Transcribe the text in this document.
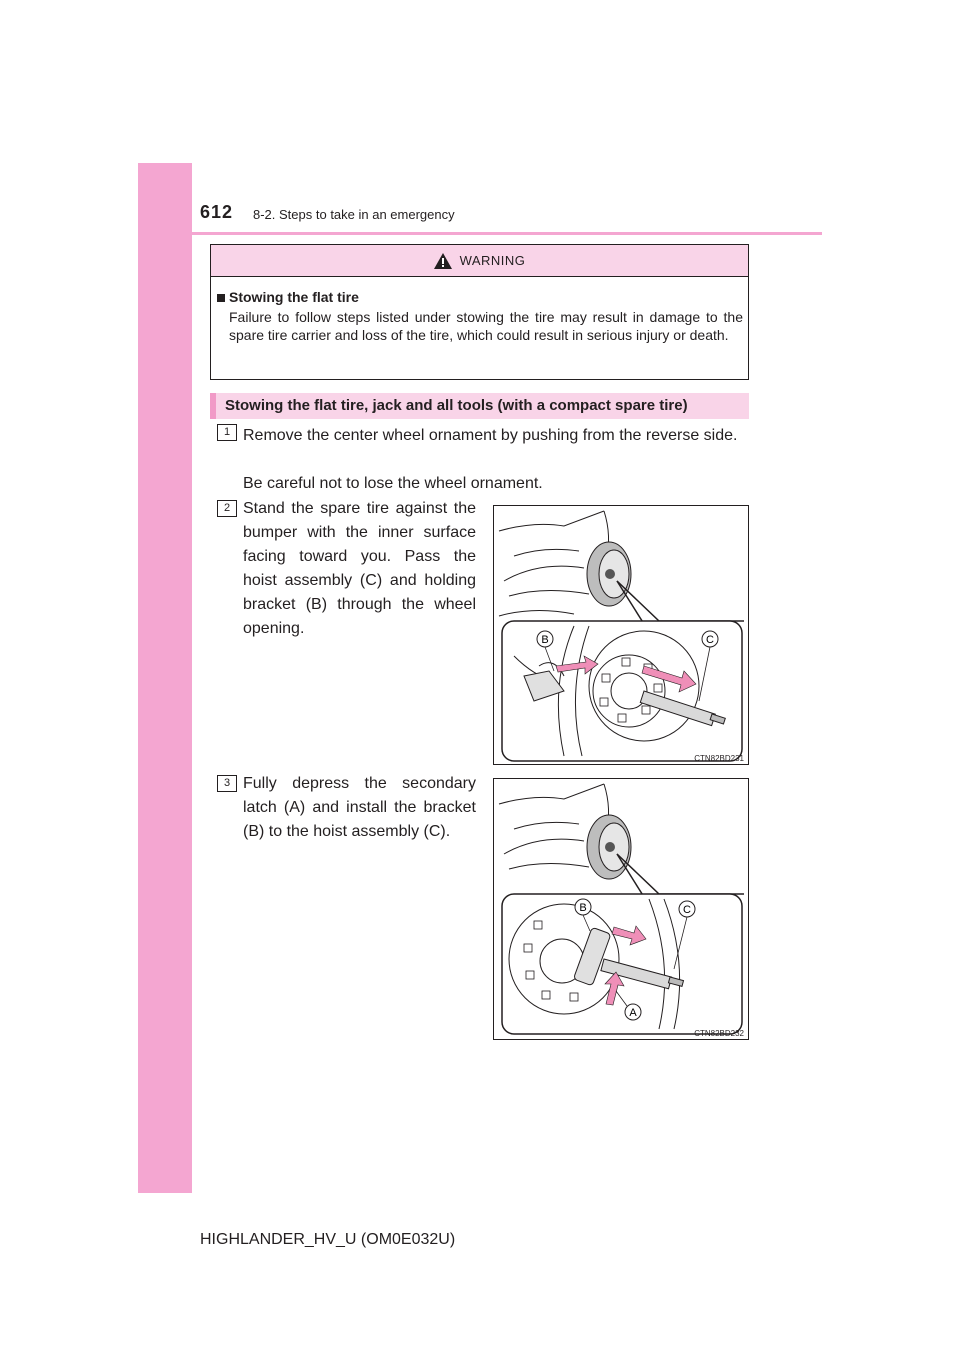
612 8-2. Steps to take in an emergency
WARNING
Stowing the flat tire
Failure to follow steps listed under stowing the tire may result in damage to the spare tire carrier and loss of the tire, which could result in serious injury or death.
Stowing the flat tire, jack and all tools (with a compact spare tire)
1 Remove the center wheel ornament by pushing from the reverse side.
Be careful not to lose the wheel ornament.
2 Stand the spare tire against the bumper with the inner surface facing toward you. Pass the hoist assembly (C) and holding bracket (B) through the wheel opening.
B	C
CTN82BD231
3 Fully depress the secondary latch (A) and install the bracket (B) to the hoist assembly (C).
B	C
A
CTN82BD232
HIGHLANDER_HV_U (OM0E032U)
